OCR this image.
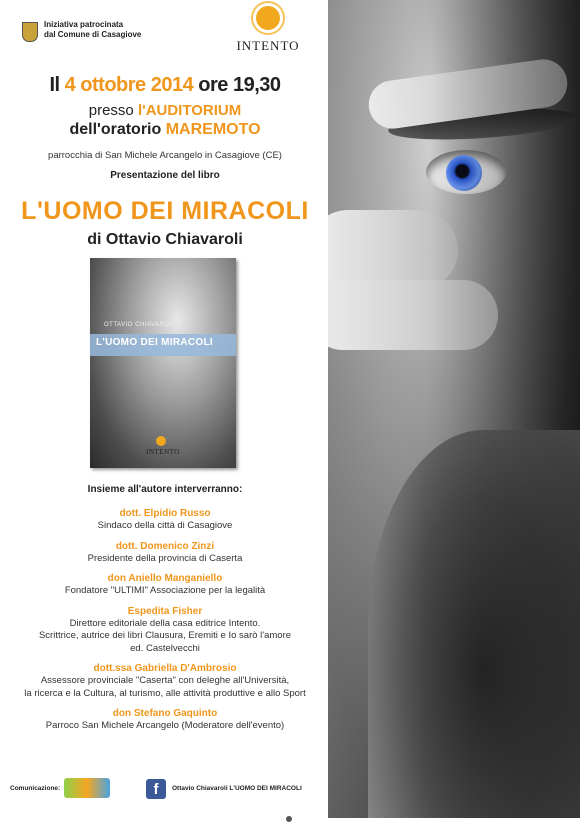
Iniziativa patrocinata
dal Comune di Casagiove
INTENTO
Il 4 ottobre 2014 ore 19,30
presso l'AUDITORIUM
dell'oratorio MAREMOTO
parrocchia di San Michele Arcangelo in Casagiove (CE)
Presentazione del libro
L'UOMO DEI MIRACOLI
di Ottavio Chiavaroli
OTTAVIO CHIAVAROLI
L'UOMO DEI MIRACOLI
INTENTO
Insieme all'autore interverranno:
dott. Elpidio Russo
Sindaco della città di Casagiove
dott. Domenico Zinzi
Presidente della provincia di Caserta
don Aniello Manganiello
Fondatore "ULTIMI" Associazione per la legalità
Espedita Fisher
Direttore editoriale della casa editrice Intento.
Scrittrice, autrice dei libri Clausura, Eremiti e Io sarò l'amore
ed. Castelvecchi
dott.ssa Gabriella D'Ambrosio
Assessore provinciale "Caserta" con deleghe all'Università,
la ricerca e la Cultura, al turismo, alle attività produttive e allo Sport
don Stefano Gaquinto
Parroco San Michele Arcangelo (Moderatore dell'evento)
Comunicazione:	f	Ottavio Chiavaroli L'UOMO DEI MIRACOLI
